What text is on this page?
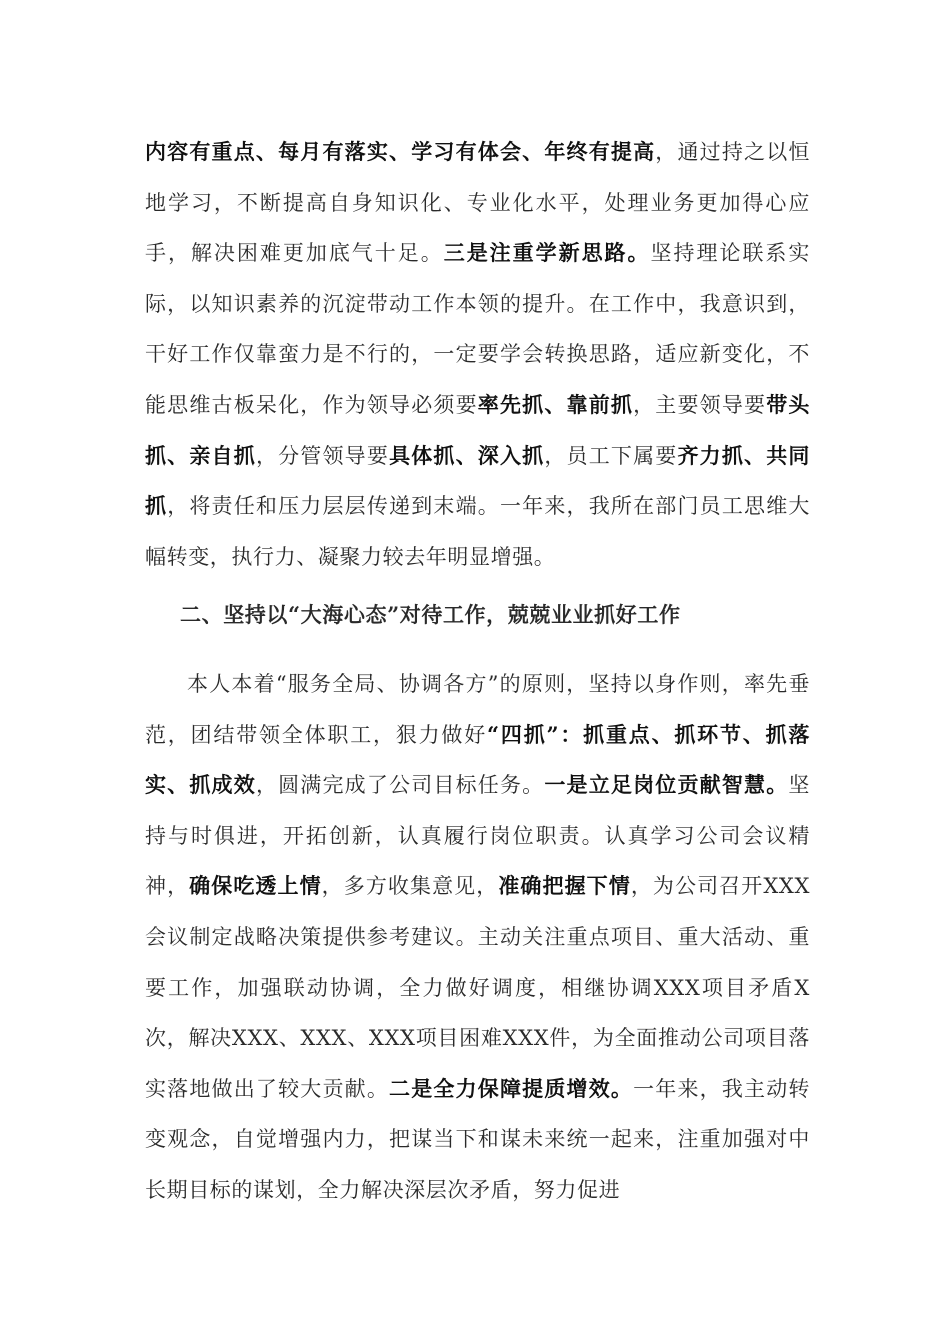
内容有重点、每月有落实、学习有体会、年终有提高，通过持之以恒地学习，不断提高自身知识化、专业化水平，处理业务更加得心应手，解决困难更加底气十足。三是注重学新思路。坚持理论联系实际，以知识素养的沉淀带动工作本领的提升。在工作中，我意识到，干好工作仅靠蛮力是不行的，一定要学会转换思路，适应新变化，不能思维古板呆化，作为领导必须要率先抓、靠前抓，主要领导要带头抓、亲自抓，分管领导要具体抓、深入抓，员工下属要齐力抓、共同抓，将责任和压力层层传递到末端。一年来，我所在部门员工思维大幅转变，执行力、凝聚力较去年明显增强。

二、坚持以“大海心态”对待工作，兢兢业业抓好工作

本人本着“服务全局、协调各方”的原则，坚持以身作则，率先垂范，团结带领全体职工，狠力做好“四抓”：抓重点、抓环节、抓落实、抓成效，圆满完成了公司目标任务。一是立足岗位贡献智慧。坚持与时俱进，开拓创新，认真履行岗位职责。认真学习公司会议精神，确保吃透上情，多方收集意见，准确把握下情，为公司召开XXX会议制定战略决策提供参考建议。主动关注重点项目、重大活动、重要工作，加强联动协调，全力做好调度，相继协调XXX项目矛盾X次，解决XXX、XXX、XXX项目困难XXX件，为全面推动公司项目落实落地做出了较大贡献。二是全力保障提质增效。一年来，我主动转变观念，自觉增强内力，把谋当下和谋未来统一起来，注重加强对中长期目标的谋划，全力解决深层次矛盾，努力促进
